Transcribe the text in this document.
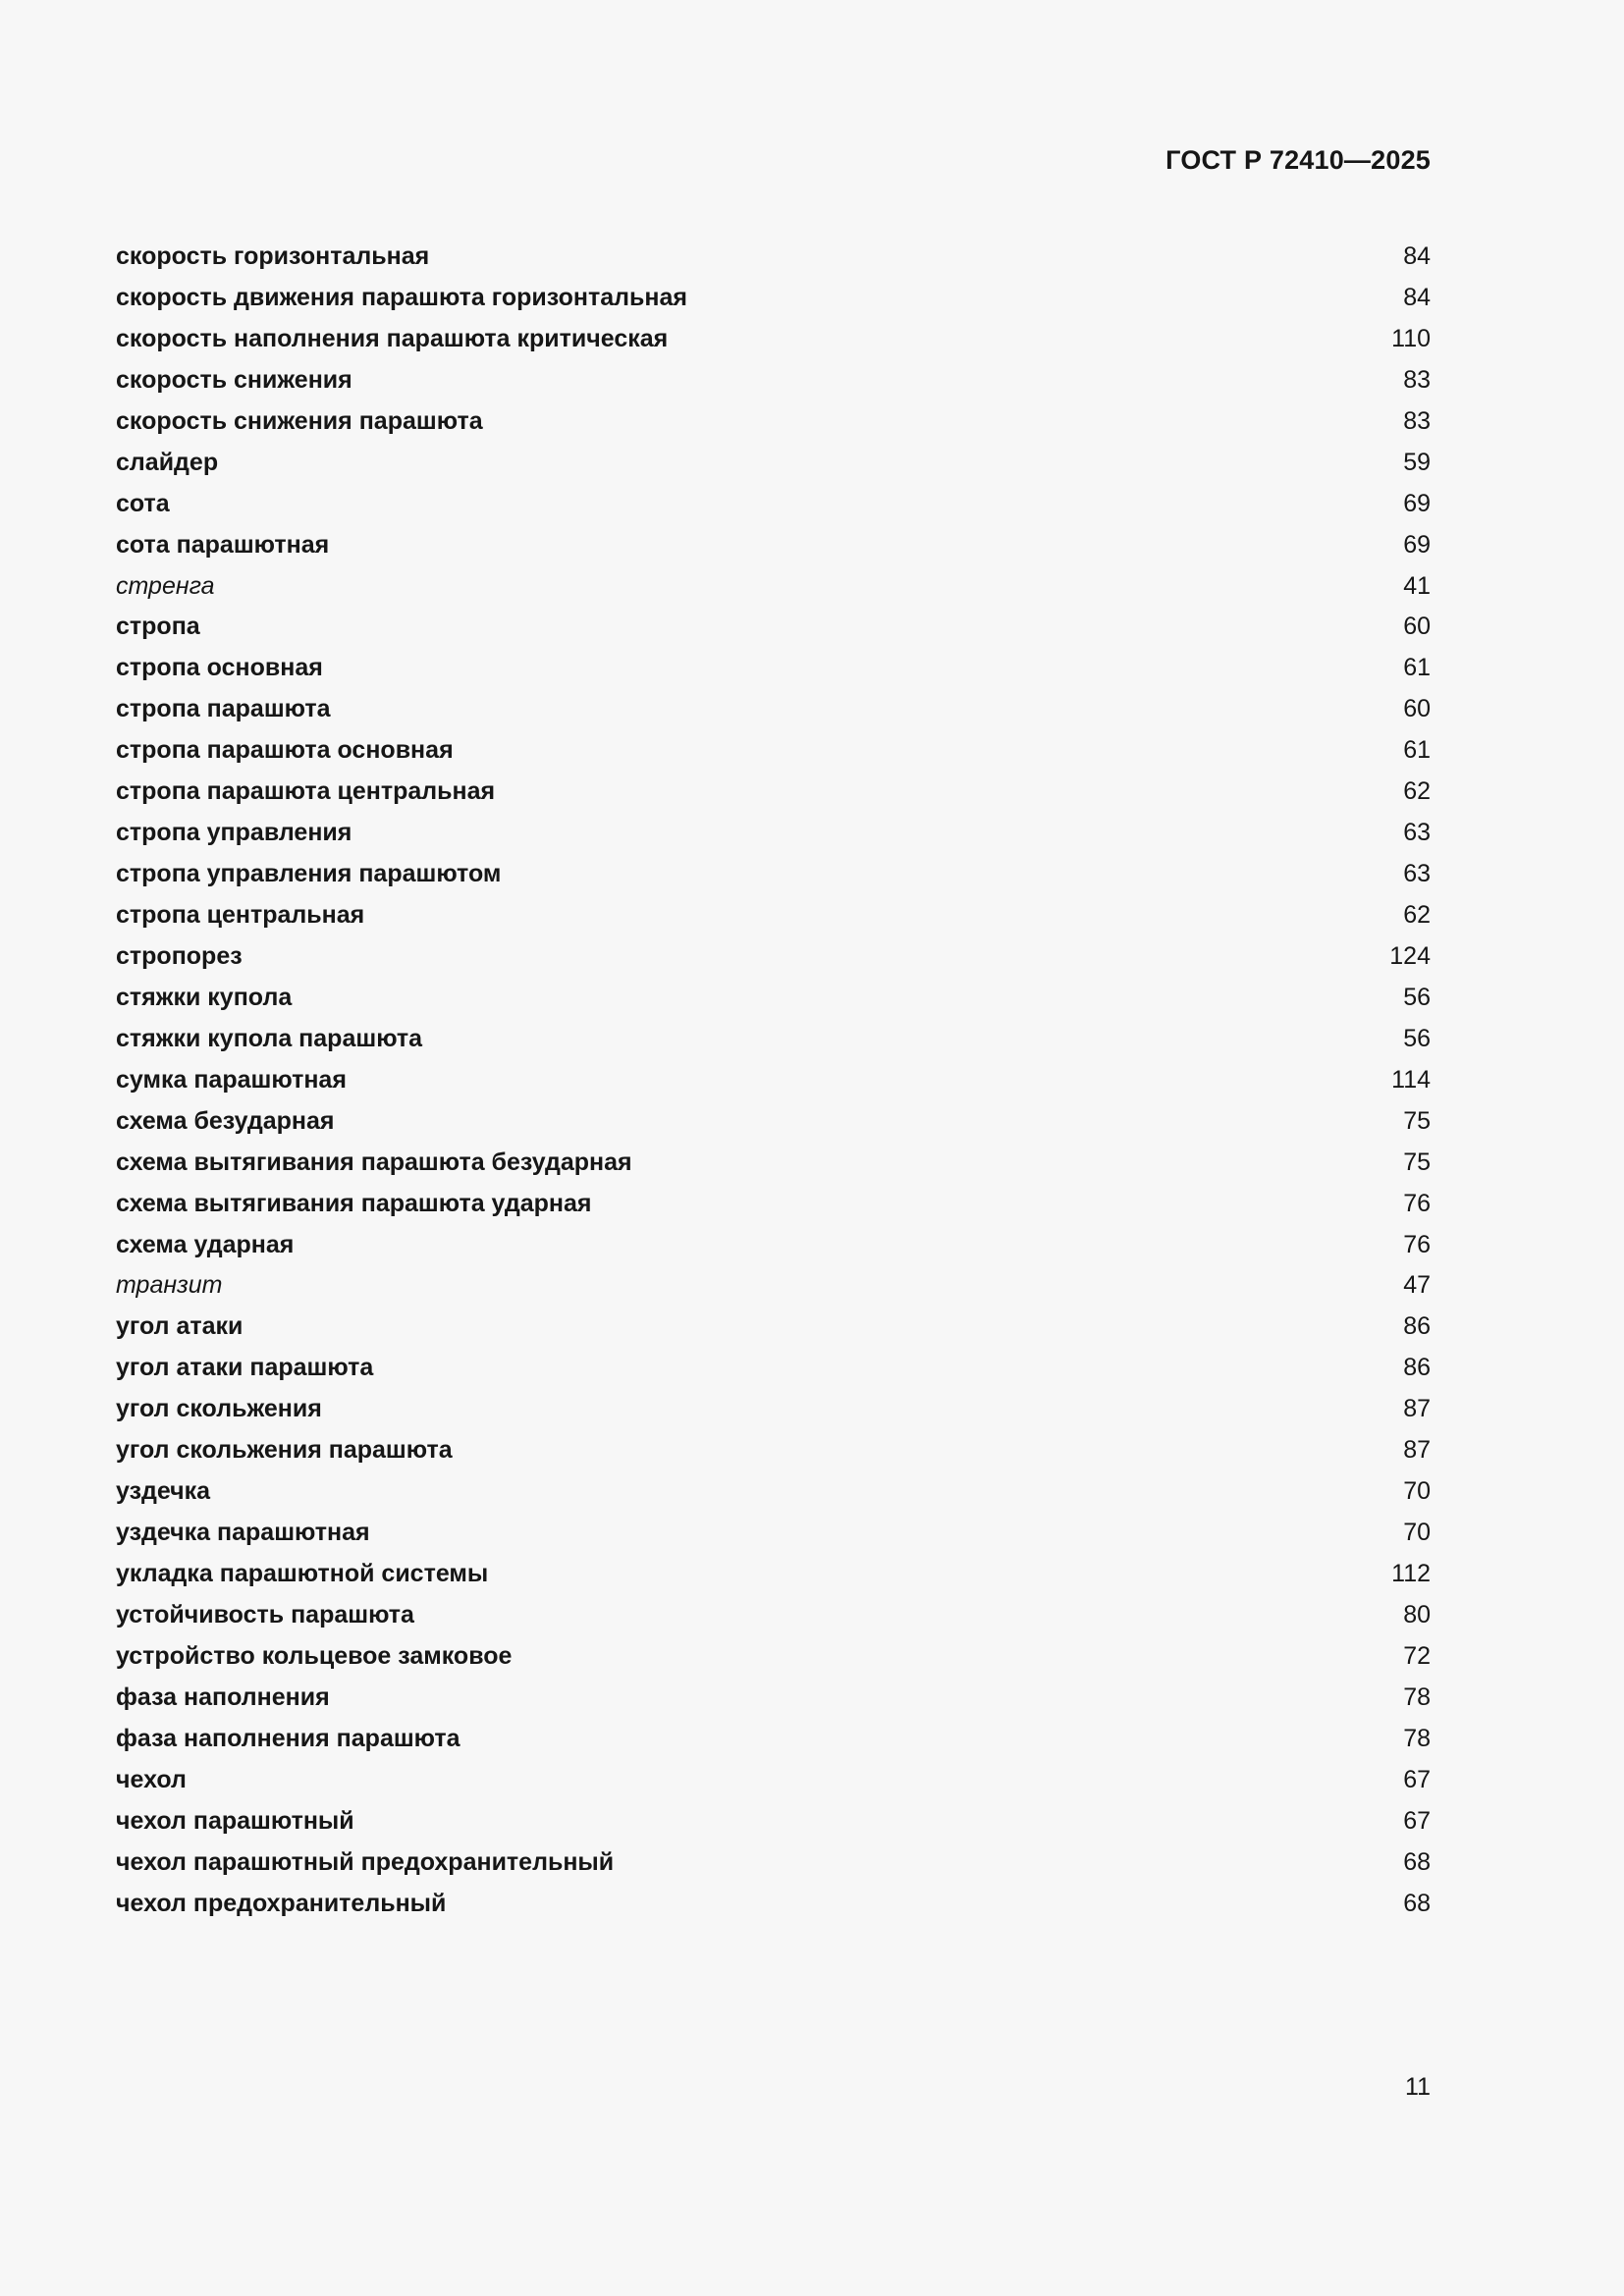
ГОСТ Р 72410—2025
скорость горизонтальная	84
скорость движения парашюта горизонтальная	84
скорость наполнения парашюта критическая	110
скорость снижения	83
скорость снижения парашюта	83
слайдер	59
сота	69
сота парашютная	69
стренга	41
стропа	60
стропа основная	61
стропа парашюта	60
стропа парашюта основная	61
стропа парашюта центральная	62
стропа управления	63
стропа управления парашютом	63
стропа центральная	62
стропорез	124
стяжки купола	56
стяжки купола парашюта	56
сумка парашютная	114
схема безударная	75
схема вытягивания парашюта безударная	75
схема вытягивания парашюта ударная	76
схема ударная	76
транзит	47
угол атаки	86
угол атаки парашюта	86
угол скольжения	87
угол скольжения парашюта	87
уздечка	70
уздечка парашютная	70
укладка парашютной системы	112
устойчивость парашюта	80
устройство кольцевое замковое	72
фаза наполнения	78
фаза наполнения парашюта	78
чехол	67
чехол парашютный	67
чехол парашютный предохранительный	68
чехол предохранительный	68
11
